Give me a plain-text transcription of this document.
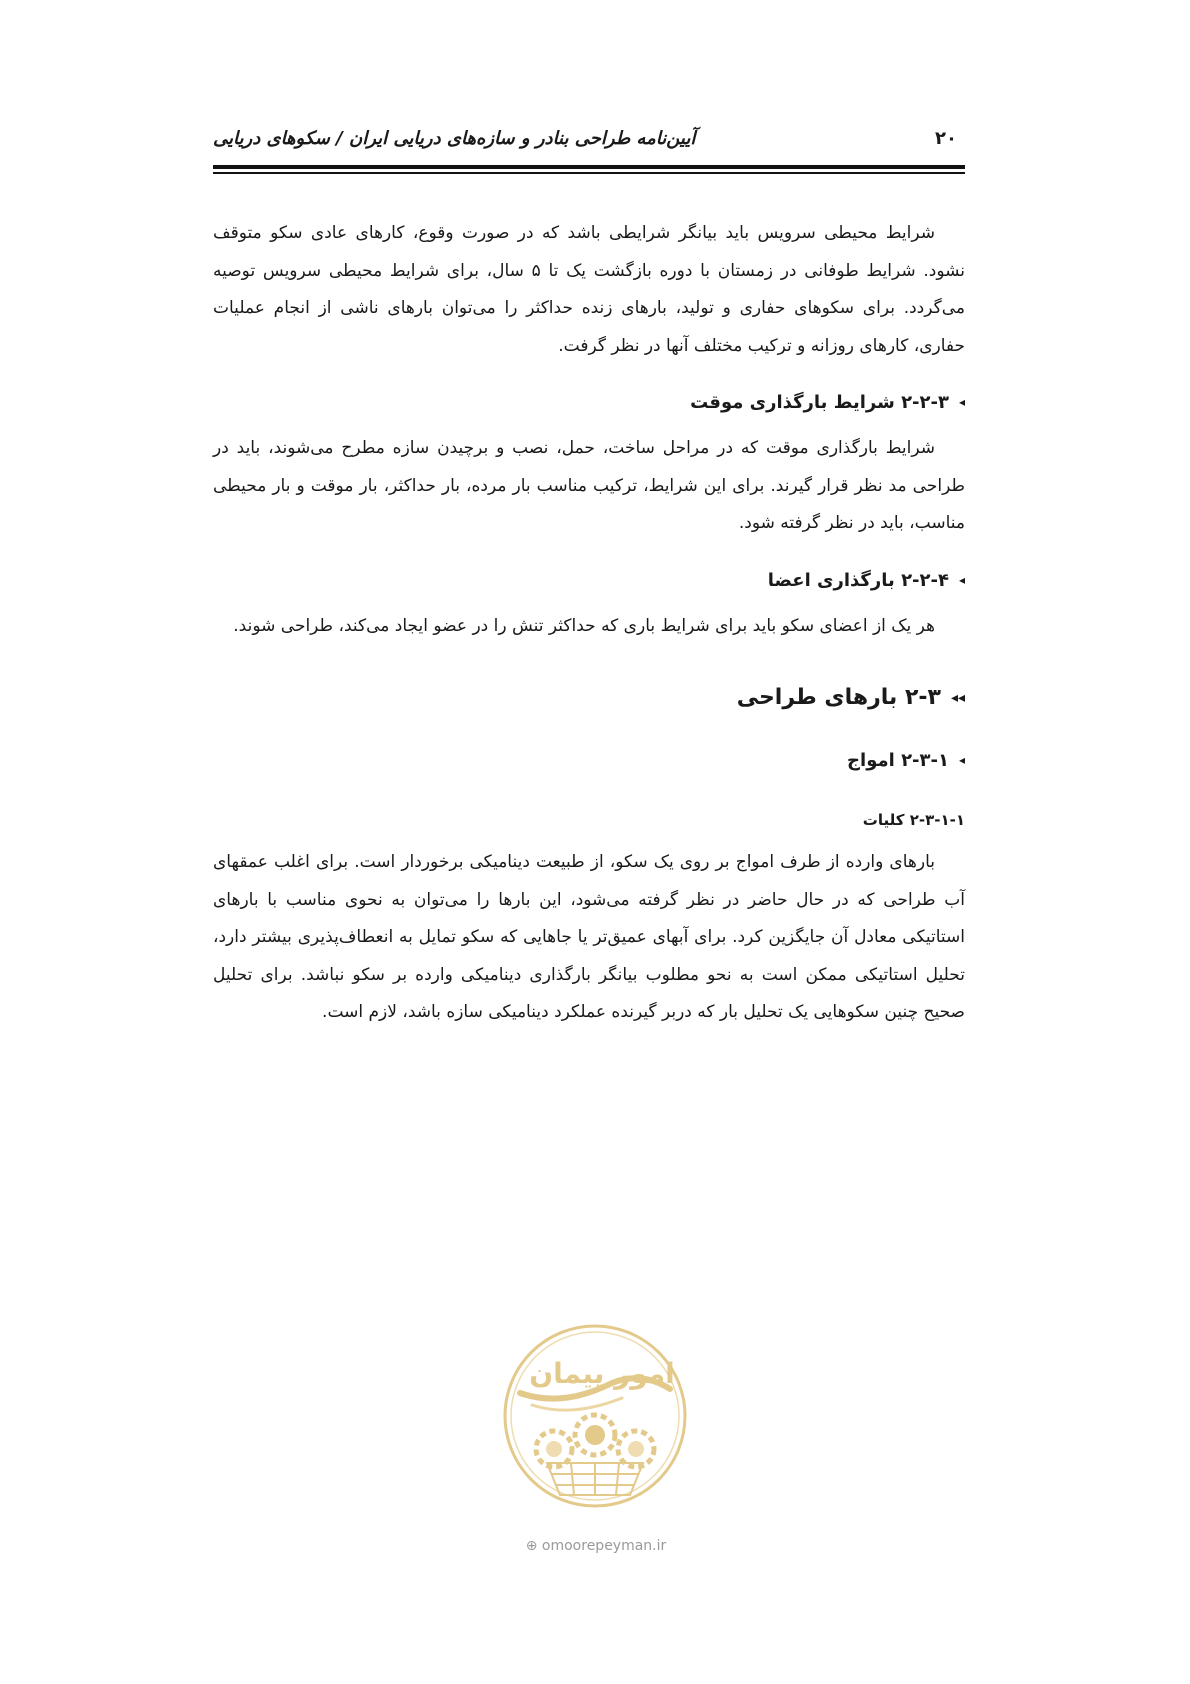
۲۰
آیین‌نامه طراحی بنادر و سازه‌های دریایی ایران / سکوهای دریایی

شرایط محیطی سرویس باید بیانگر شرایطی باشد که در صورت وقوع، کارهای عادی سکو متوقف نشود. شرایط طوفانی در زمستان با دوره بازگشت یک تا ۵ سال، برای شرایط محیطی سرویس توصیه می‌گردد. برای سکوهای حفاری و تولید، بارهای زنده حداکثر را می‌توان بارهای ناشی از انجام عملیات حفاری، کارهای روزانه و ترکیب مختلف آنها در نظر گرفت.

◂۲-۲-۳ شرایط بارگذاری موقت

شرایط بارگذاری موقت که در مراحل ساخت، حمل، نصب و برچیدن سازه مطرح می‌شوند، باید در طراحی مد نظر قرار گیرند. برای این شرایط، ترکیب مناسب بار مرده، بار حداکثر، بار موقت و بار محیطی مناسب، باید در نظر گرفته شود.

◂۲-۲-۴ بارگذاری اعضا

هر یک از اعضای سکو باید برای شرایط باری که حداکثر تنش را در عضو ایجاد می‌کند، طراحی شوند.

◂◂۲-۳ بارهای طراحی
◂۲-۳-۱ امواج
۲-۳-۱-۱ کلیات

بارهای وارده از طرف امواج بر روی یک سکو، از طبیعت دینامیکی برخوردار است. برای اغلب عمقهای آب طراحی که در حال حاضر در نظر گرفته می‌شود، این بارها را می‌توان به نحوی مناسب با بارهای استاتیکی معادل آن جایگزین کرد. برای آبهای عمیق‌تر یا جاهایی که سکو تمایل به انعطاف‌پذیری بیشتر دارد، تحلیل استاتیکی ممکن است به نحو مطلوب بیانگر بارگذاری دینامیکی وارده بر سکو نباشد. برای تحلیل صحیح چنین سکوهایی یک تحلیل بار که دربر گیرنده عملکرد دینامیکی سازه باشد، لازم است.

امور پیمان
⊕ omoorepeyman.ir
